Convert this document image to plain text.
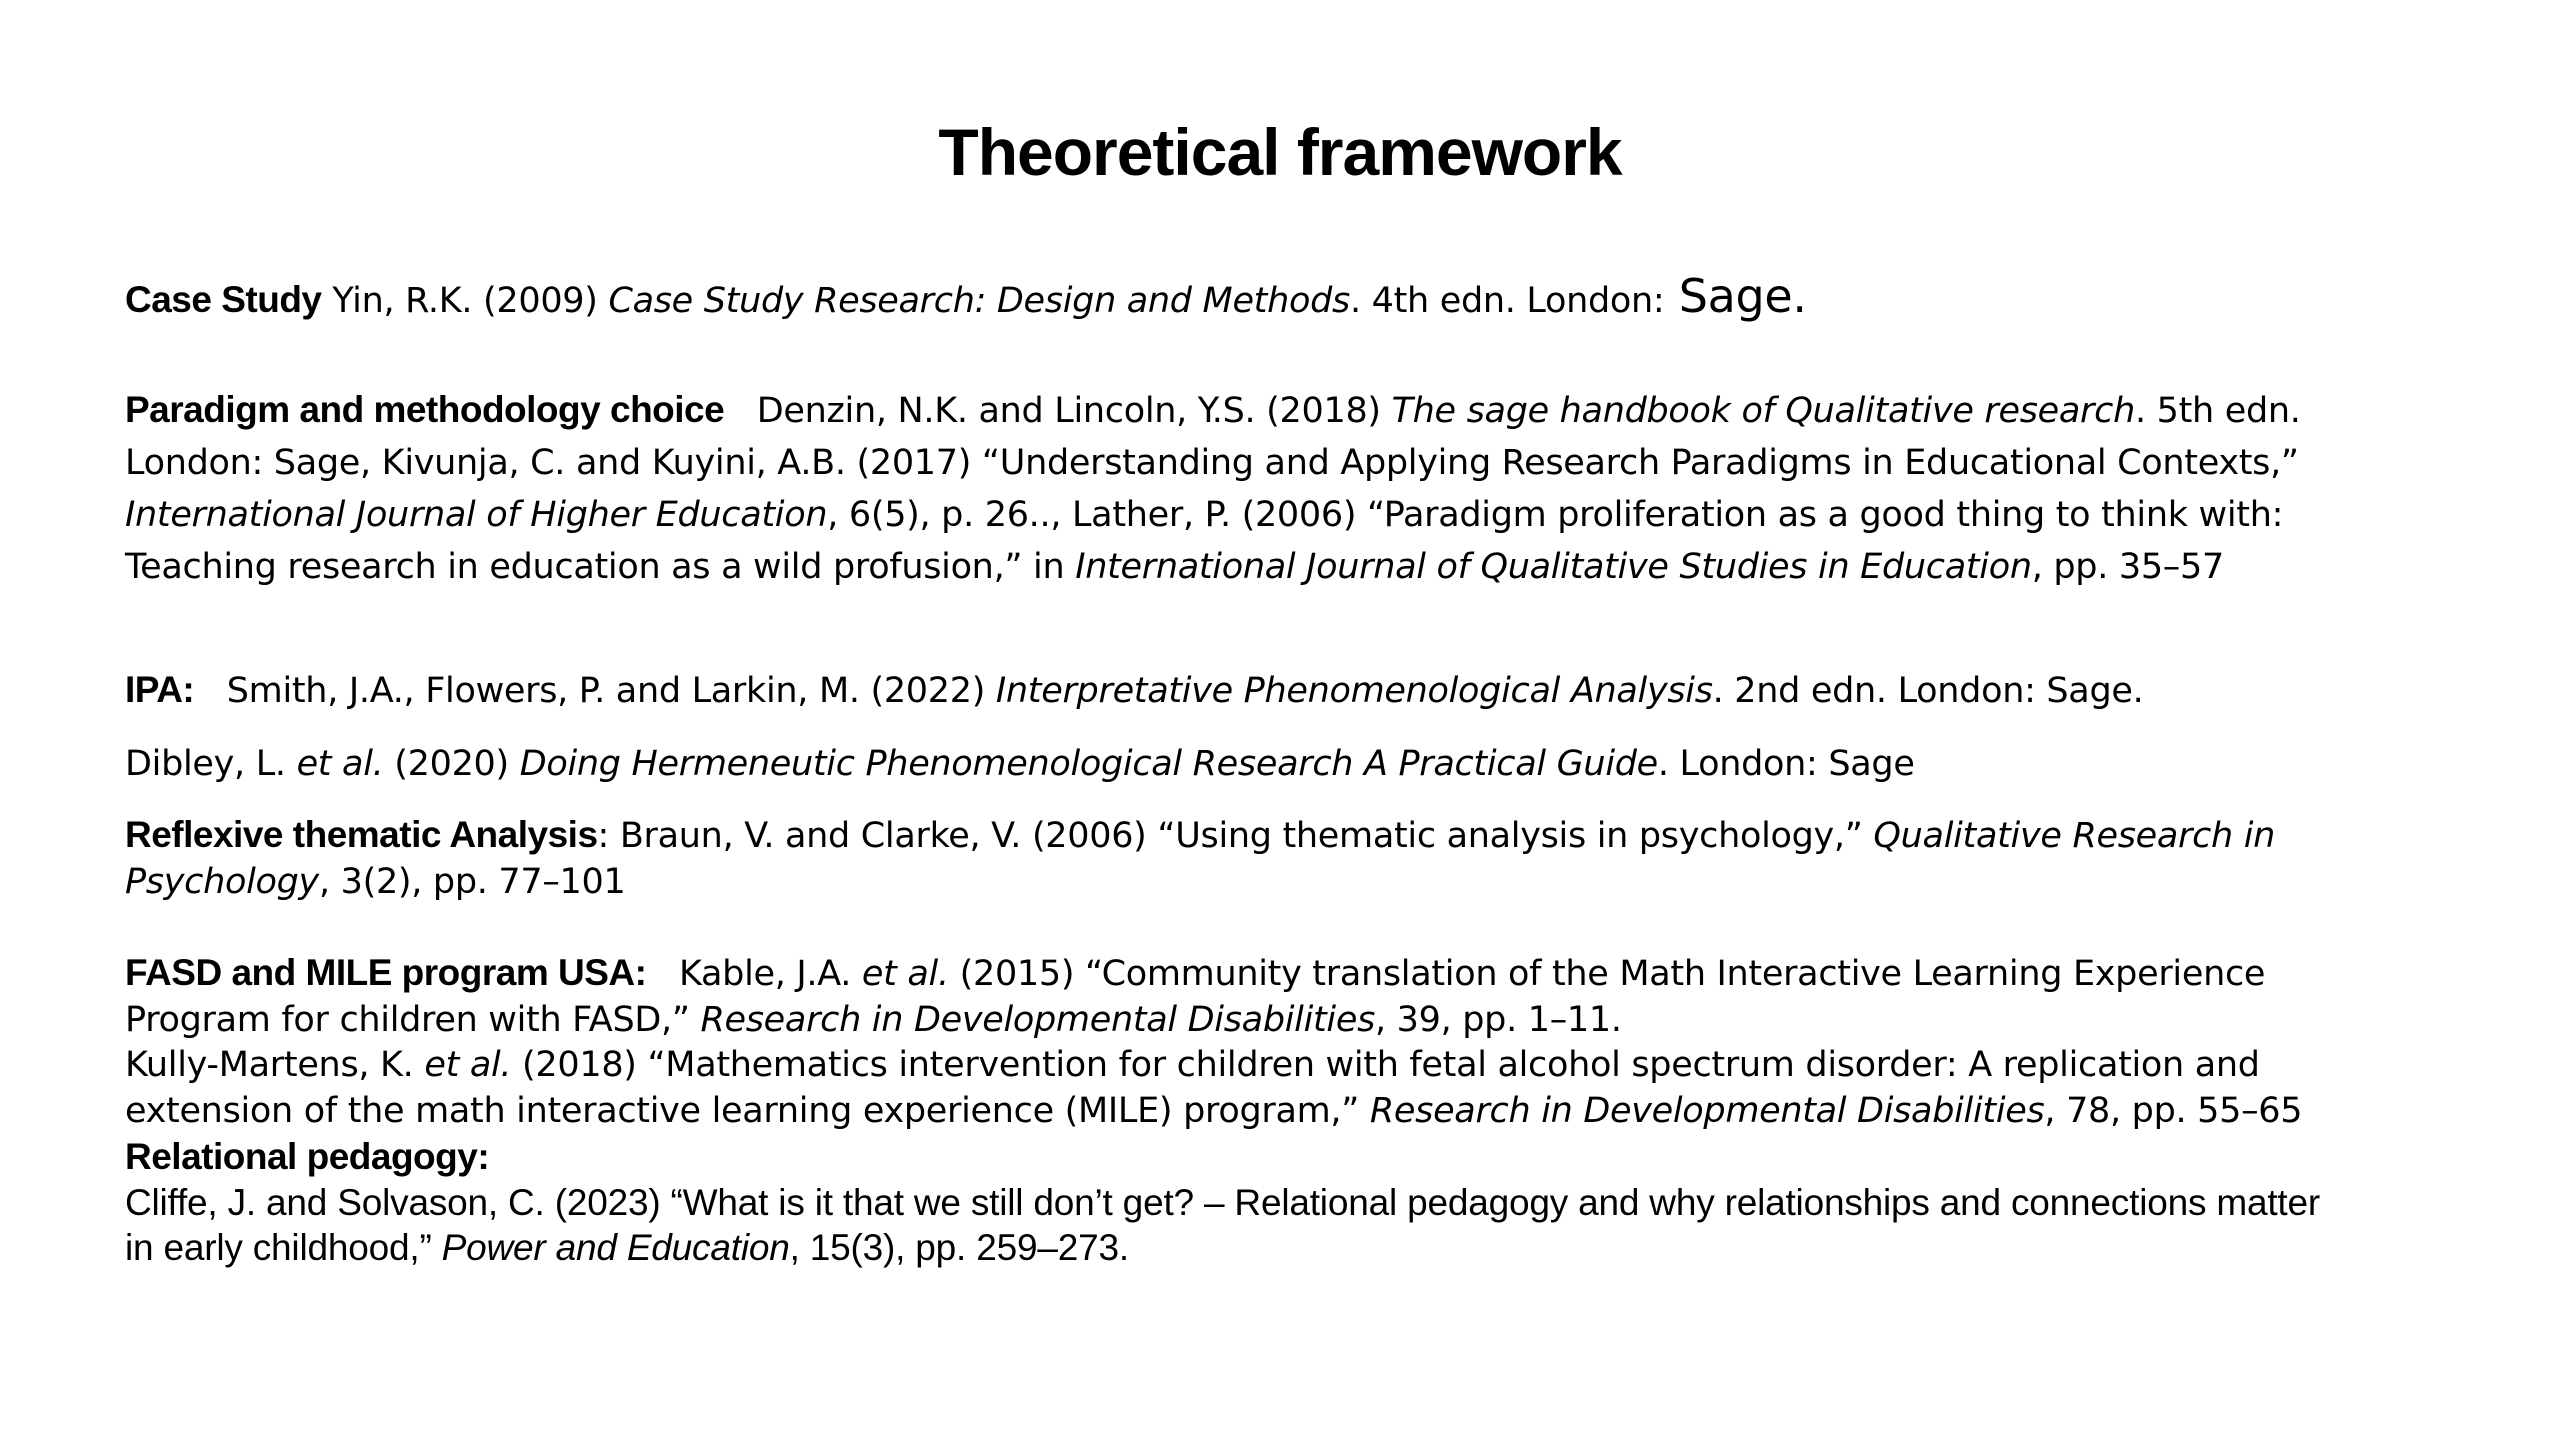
Theoretical framework
Case Study Yin, R.K. (2009) Case Study Research: Design and Methods. 4th edn. London: Sage.
Paradigm and methodology choice Denzin, N.K. and Lincoln, Y.S. (2018) The sage handbook of Qualitative research. 5th edn. London: Sage, Kivunja, C. and Kuyini, A.B. (2017) “Understanding and Applying Research Paradigms in Educational Contexts,” International Journal of Higher Education, 6(5), p. 26.., Lather, P. (2006) “Paradigm proliferation as a good thing to think with: Teaching research in education as a wild profusion,” in International Journal of Qualitative Studies in Education, pp. 35–57
IPA: Smith, J.A., Flowers, P. and Larkin, M. (2022) Interpretative Phenomenological Analysis. 2nd edn. London: Sage.
Dibley, L. et al. (2020) Doing Hermeneutic Phenomenological Research A Practical Guide. London: Sage
Reflexive thematic Analysis: Braun, V. and Clarke, V. (2006) “Using thematic analysis in psychology,” Qualitative Research in Psychology, 3(2), pp. 77–101
FASD and MILE program USA: Kable, J.A. et al. (2015) “Community translation of the Math Interactive Learning Experience Program for children with FASD,” Research in Developmental Disabilities, 39, pp. 1–11.
Kully-Martens, K. et al. (2018) “Mathematics intervention for children with fetal alcohol spectrum disorder: A replication and extension of the math interactive learning experience (MILE) program,” Research in Developmental Disabilities, 78, pp. 55–65
Relational pedagogy:
Cliffe, J. and Solvason, C. (2023) “What is it that we still don’t get? – Relational pedagogy and why relationships and connections matter in early childhood,” Power and Education, 15(3), pp. 259–273.
